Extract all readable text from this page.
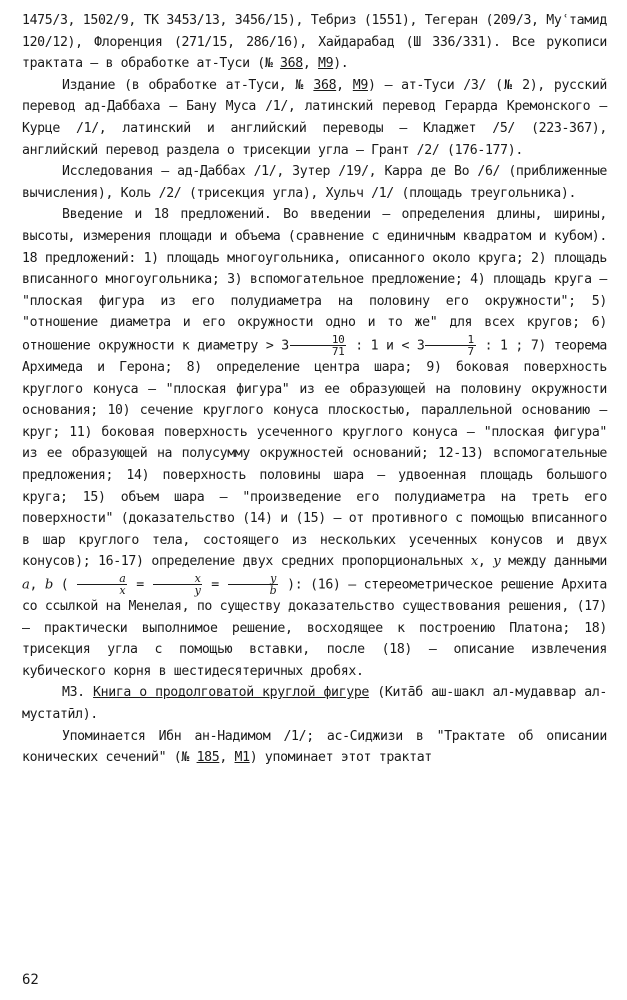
1475/3, 1502/9, ТК 3453/13, 3456/15), Тебриз (1551), Тегеран (209/3, Муʿтамид 120/12), Флоренция (271/15, 286/16), Хайдарабад (Ш 336/331). Все рукописи трактата – в обработке ат-Туси (№ 368, М9).

Издание (в обработке ат-Туси, № 368, М9) – ат-Туси /3/ (№ 2), русский перевод ад-Даббаха – Бану Муса /1/, латинский перевод Герарда Кремонского – Курце /1/, латинский и английский переводы – Кладжет /5/ (223-367), английский перевод раздела о трисекции угла – Грант /2/ (176-177).

Исследования – ад-Даббах /1/, Зутер /19/, Карра де Во /6/ (приближенные вычисления), Коль /2/ (трисекция угла), Хульч /1/ (площадь треугольника).

Введение и 18 предложений. Во введении – определения длины, ширины, высоты, измерения площади и объема (сравнение с единичным квадратом и кубом). 18 предложений: 1) площадь многоугольника, описанного около круга; 2) площадь вписанного многоугольника; 3) вспомогательное предложение; 4) площадь круга – "плоская фигура из его полудиаметра на половину его окружности"; 5) "отношение диаметра и его окружности одно и то же" для всех кругов; 6) отношение окружности к диаметру > $3 \frac{10}{71}$ : 1 $и < 3 \frac{1}{7}$ : 1 ; 7) теорема Архимеда и Герона; 8) определение центра шара; 9) боковая поверхность круглого конуса – "плоская фигура" из ее образующей на половину окружности основания; 10) сечение круглого конуса плоскостью, параллельной основанию – круг; 11) боковая поверхность усеченного круглого конуса – "плоская фигура" из ее образующей на полусумму окружностей оснований; 12-13) вспомогательные предложения; 14) поверхность половины шара – удвоенная площадь большого круга; 15) объем шара – "произведение его полудиаметра на треть его поверхности" (доказательство (14) и (15) – от противного с помощью вписанного в шар круглого тела, состоящего из нескольких усеченных конусов и двух конусов); 16-17) определение двух средних пропорциональных x, y между данными a, b ( $\frac{a}{x} = \frac{x}{y} = \frac{y}{b}$ ): (16) – стереометрическое решение Архита со ссылкой на Менелая, по существу доказательство существования решения, (17) – практически выполнимое решение, восходящее к построению Платона; 18) трисекция угла с помощью вставки, после (18) – описание извлечения кубического корня в шестидесятеричных дробях.

М3. Книга о продолговатой круглой фигуре (Китāб аш-шакл ал-мудаввар ал-мустатӣл).

Упоминается Ибн ан-Надимом /1/; ас-Сиджизи в "Трактате об описании конических сечений" (№ 185, М1) упоминает этот трактат

62
